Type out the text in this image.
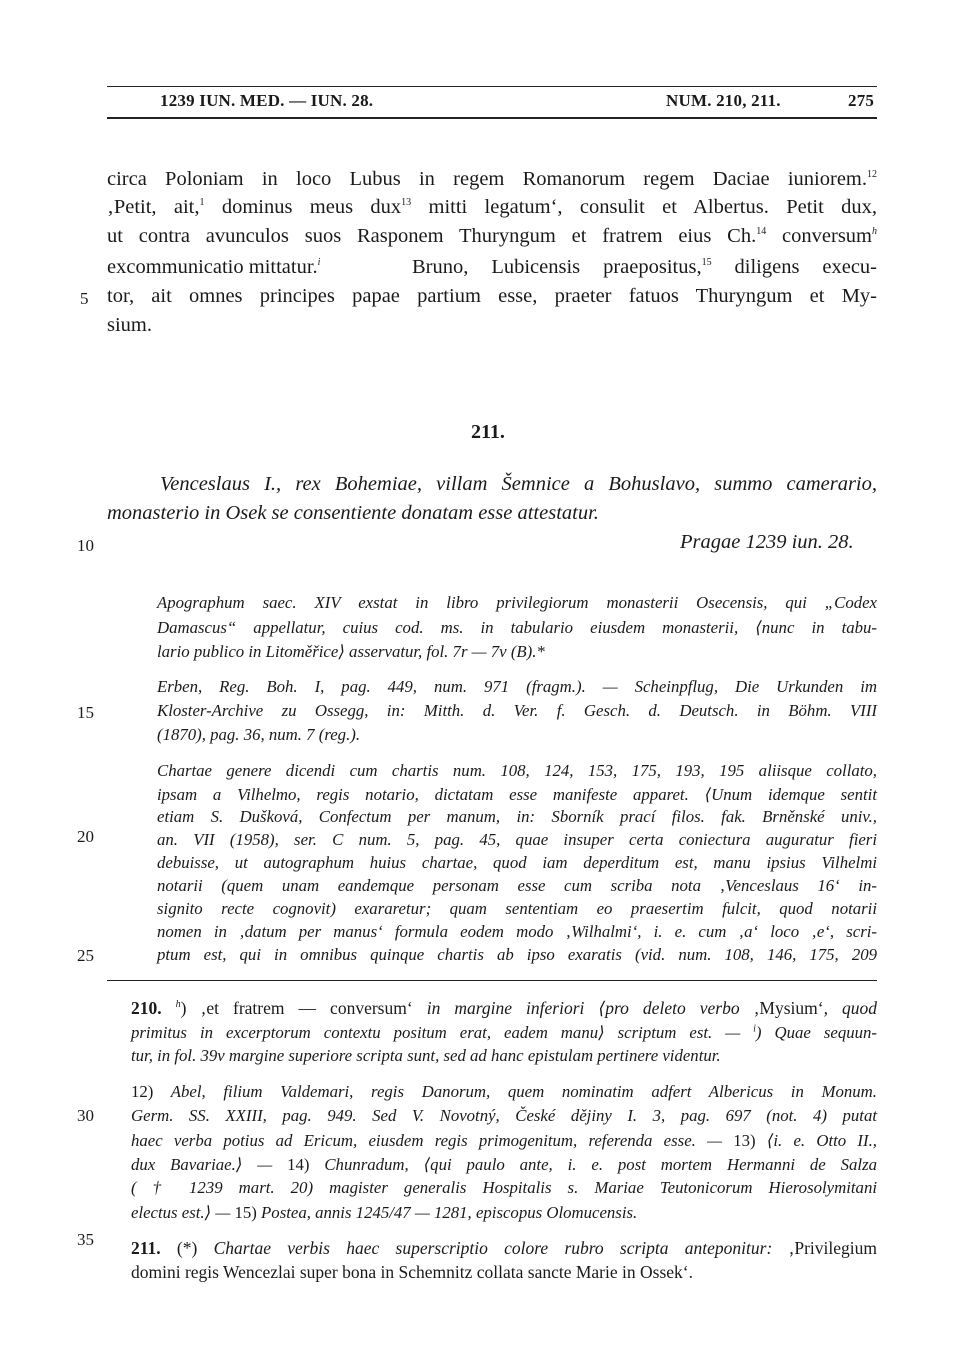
1239 IUN. MED. — IUN. 28.	NUM. 210, 211.	275
circa Poloniam in loco Lubus in regem Romanorum regem Daciae iuniorem.$^{12}$
‚Petit, ait,$^1$ dominus meus dux$^{13}$ mitti legatum‘, consulit et Albertus. Petit dux,
ut contra avunculos suos Rasponem Thuryngum et fratrem eius Ch.$^{14}$ conversum$^h$
excommunicatio mittatur.$^i$	Bruno, Lubicensis praepositus,$^{15}$ diligens execu-
tor, ait omnes principes papae partium esse, praeter fatuos Thuryngum et My-
sium.
211.
Venceslaus I., rex Bohemiae, villam Šemnice a Bohuslavo, summo camerario,
monasterio in Osek se consentiente donatam esse attestatur.
Pragae 1239 iun. 28.
Apographum saec. XIV exstat in libro privilegiorum monasterii Osecensis, qui „Codex
Damascus“ appellatur, cuius cod. ms. in tabulario eiusdem monasterii, ⟨nunc in tabu-
lario publico in Litoměřice⟩ asservatur, fol. 7r — 7v (B).*
Erben, Reg. Boh. I, pag. 449, num. 971 (fragm.). — Scheinpflug, Die Urkunden im
Kloster-Archive zu Ossegg, in: Mitth. d. Ver. f. Gesch. d. Deutsch. in Böhm. VIII
(1870), pag. 36, num. 7 (reg.).
Chartae genere dicendi cum chartis num. 108, 124, 153, 175, 193, 195 aliisque collato,
ipsam a Vilhelmo, regis notario, dictatam esse manifeste apparet. ⟨Unum idemque sentit
etiam S. Dušková, Confectum per manum, in: Sborník prací filos. fak. Brněnské univ.,
an. VII (1958), ser. C num. 5, pag. 45, quae insuper certa coniectura auguratur fieri
debuisse, ut autographum huius chartae, quod iam deperditum est, manu ipsius Vilhelmi
notarii (quem unam eandemque personam esse cum scriba nota ‚Venceslaus 16‘ in-
signito recte cognovit) exararetur; quam sententiam eo praesertim fulcit, quod notarii
nomen in ‚datum per manus‘ formula eodem modo ‚Wilhalmi‘, i. e. cum ‚a‘ loco ‚e‘, scri-
ptum est, qui in omnibus quinque chartis ab ipso exaratis (vid. num. 108, 146, 175, 209
210. $^h$) ‚et fratrem — conversum‘ in margine inferiori ⟨pro deleto verbo ‚Mysium‘, quod
primitus in excerptorum contextu positum erat, eadem manu⟩ scriptum est. — $^i$) Quae sequun-
tur, in fol. 39v margine superiore scripta sunt, sed ad hanc epistulam pertinere videntur.
12) Abel, filium Valdemari, regis Danorum, quem nominatim adfert Albericus in Monum.
Germ. SS. XXIII, pag. 949. Sed V. Novotný, České dějiny I. 3, pag. 697 (not. 4) putat
haec verba potius ad Ericum, eiusdem regis primogenitum, referenda esse. — 13) ⟨i. e. Otto II.,
dux Bavariae.⟩ — 14) Chunradum, ⟨qui paulo ante, i. e. post mortem Hermanni de Salza
( † 1239 mart. 20) magister generalis Hospitalis s. Mariae Teutonicorum Hierosolymitani
electus est.⟩ — 15) Postea, annis 1245/47 — 1281, episcopus Olomucensis.
211. (*) Chartae verbis haec superscriptio colore rubro scripta anteponitur: ‚Privilegium
domini regis Wencezlai super bona in Schemnitz collata sancte Marie in Ossek‘.
5
10
15
20
25
30
35
